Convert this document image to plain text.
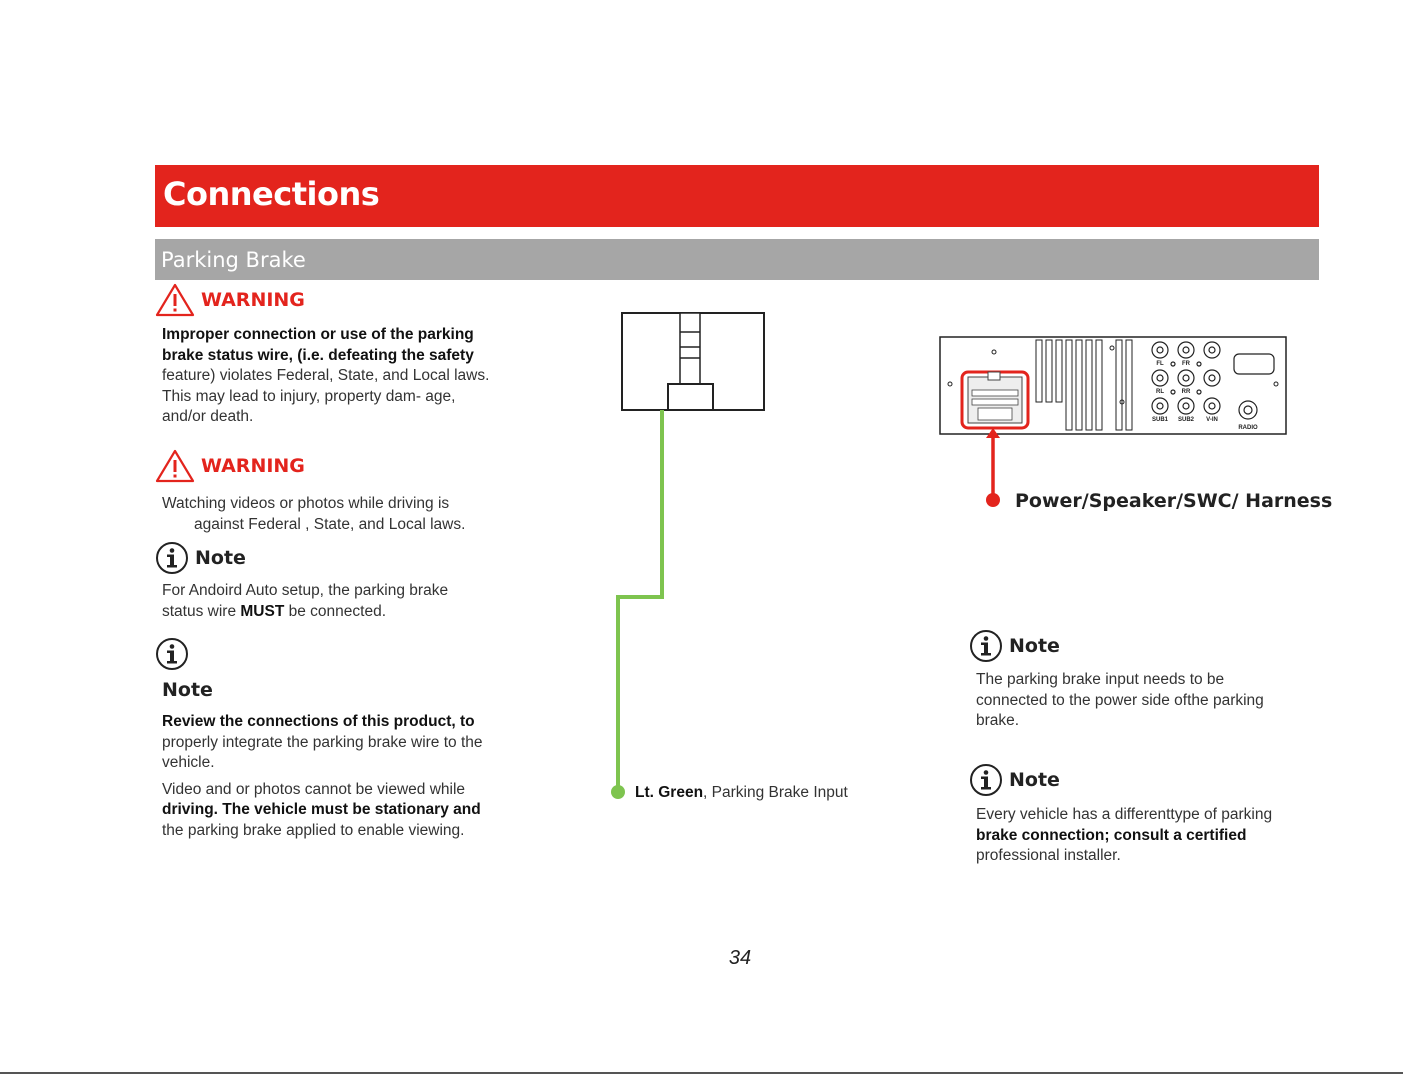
Connections
Parking Brake
WARNING

Improper connection or use of the parking brake status wire, (i.e. defeating the safety

feature) violates Federal, State, and Local laws. This may lead to injury, property dam- age, and/or death.

WARNING

Watching videos or photos while driving is

against Federal , State, and Local laws.

Note
For Andoird Auto setup, the parking brake status wire MUST be connected.
Note

Review the connections of this product, to

properly integrate the parking brake wire to the vehicle.

Video and or photos cannot be viewed while

driving. The vehicle must be stationary and

the parking brake applied to enable viewing.

Lt. Green, Parking Brake Input
FL	FR
RL	RR
SUB1 SUB2 V-IN
RADIO
Power/Speaker/SWC/ Harness
Note
The parking brake input needs to be connected to the power side ofthe parking brake.
Note

Every vehicle has a differenttype of parking

brake connection; consult a certified

professional installer.

34
